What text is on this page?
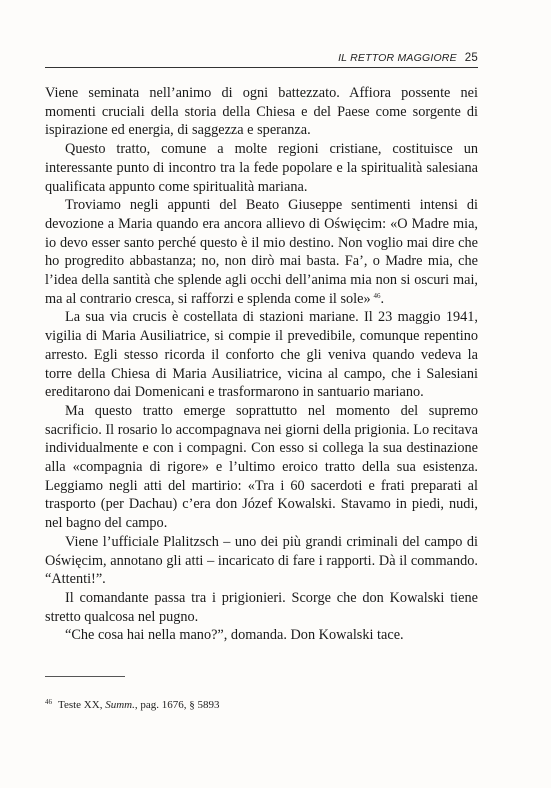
IL RETTOR MAGGIORE 25

Viene seminata nell’animo di ogni battezzato. Affiora possente nei momenti cruciali della storia della Chiesa e del Paese come sorgente di ispirazione ed energia, di saggezza e speranza.

Questo tratto, comune a molte regioni cristiane, costituisce un interessante punto di incontro tra la fede popolare e la spiritualità salesiana qualificata appunto come spiritualità mariana.

Troviamo negli appunti del Beato Giuseppe sentimenti intensi di devozione a Maria quando era ancora allievo di Oświęcim: «O Madre mia, io devo esser santo perché questo è il mio destino. Non voglio mai dire che ho progredito abbastanza; no, non dirò mai basta. Fa’, o Madre mia, che l’idea della santità che splende agli occhi dell’anima mia non si oscuri mai, ma al contrario cresca, si rafforzi e splenda come il sole»  $^{46}$.

La sua via crucis è costellata di stazioni mariane. Il 23 maggio 1941, vigilia di Maria Ausiliatrice, si compie il prevedibile, comunque repentino arresto. Egli stesso ricorda il conforto che gli veniva quando vedeva la torre della Chiesa di Maria Ausiliatrice, vicina al campo, che i Salesiani ereditarono dai Domenicani e trasformarono in santuario mariano.

Ma questo tratto emerge soprattutto nel momento del supremo sacrificio. Il rosario lo accompagnava nei giorni della prigionia. Lo recitava individualmente e con i compagni. Con esso si collega la sua destinazione alla «compagnia di rigore» e l’ultimo eroico tratto della sua esistenza. Leggiamo negli atti del martirio: «Tra i 60 sacerdoti e frati preparati al trasporto (per Dachau) c’era don Józef Kowalski. Stavamo in piedi, nudi, nel bagno del campo.

Viene l’ufficiale Plalitzsch – uno dei più grandi criminali del campo di Oświęcim, annotano gli atti – incaricato di fare i rapporti. Dà il commando. “Attenti!”.

Il comandante passa tra i prigionieri. Scorge che don Kowalski tiene stretto qualcosa nel pugno.

“Che cosa hai nella mano?”, domanda. Don Kowalski tace.

$^{46}$ Teste XX, Summ., pag. 1676, § 5893
